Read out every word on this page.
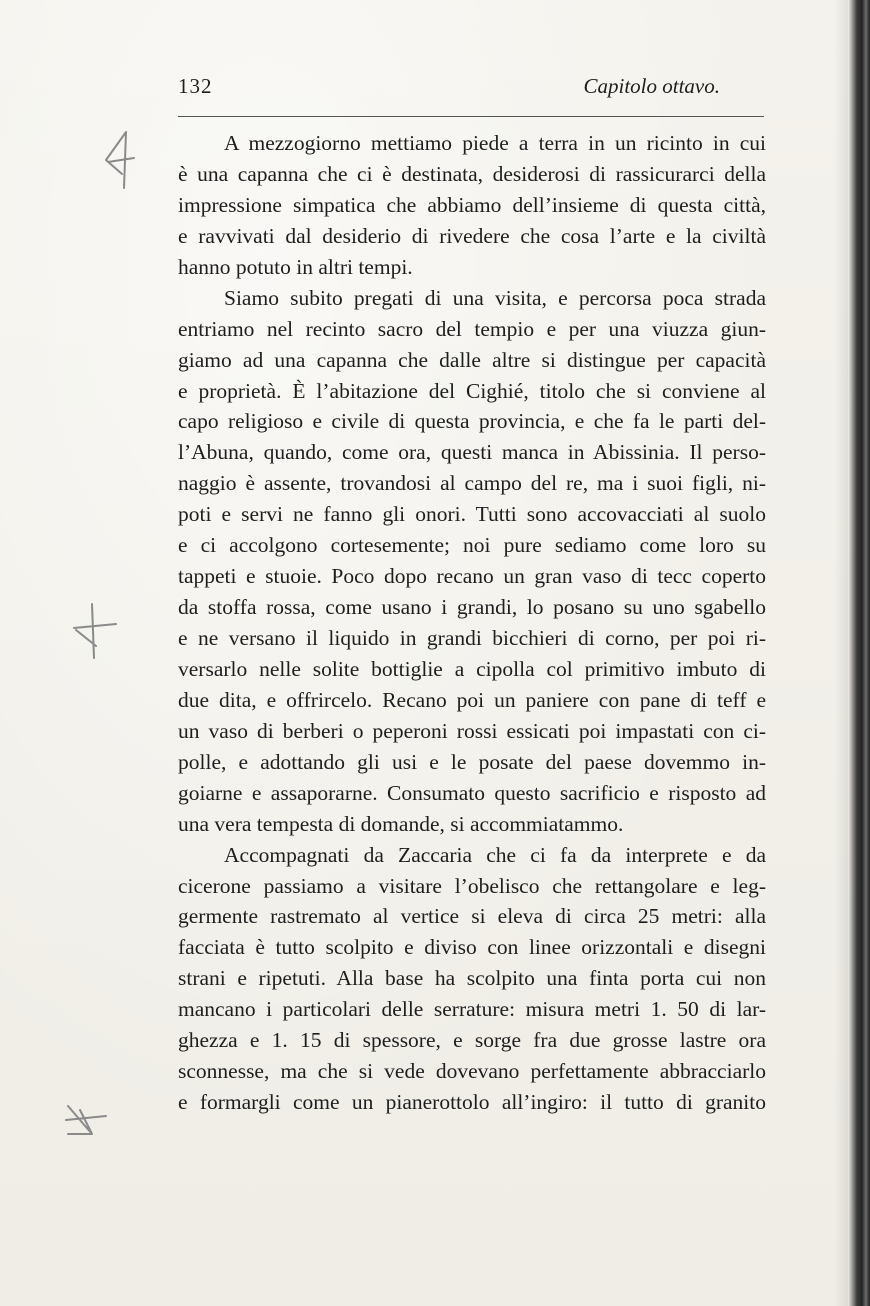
132	Capitolo ottavo.
A mezzogiorno mettiamo piede a terra in un ricinto in cui
è una capanna che ci è destinata, desiderosi di rassicurarci della
impressione simpatica che abbiamo dell’insieme di questa città,
e ravvivati dal desiderio di rivedere che cosa l’arte e la civiltà
hanno potuto in altri tempi.
Siamo subito pregati di una visita, e percorsa poca strada
entriamo nel recinto sacro del tempio e per una viuzza giun-
giamo ad una capanna che dalle altre si distingue per capacità
e proprietà. È l’abitazione del Cighié, titolo che si conviene al
capo religioso e civile di questa provincia, e che fa le parti del-
l’Abuna, quando, come ora, questi manca in Abissinia. Il perso-
naggio è assente, trovandosi al campo del re, ma i suoi figli, ni-
poti e servi ne fanno gli onori. Tutti sono accovacciati al suolo
e ci accolgono cortesemente; noi pure sediamo come loro su
tappeti e stuoie. Poco dopo recano un gran vaso di tecc coperto
da stoffa rossa, come usano i grandi, lo posano su uno sgabello
e ne versano il liquido in grandi bicchieri di corno, per poi ri-
versarlo nelle solite bottiglie a cipolla col primitivo imbuto di
due dita, e offrircelo. Recano poi un paniere con pane di teff e
un vaso di berberi o peperoni rossi essicati poi impastati con ci-
polle, e adottando gli usi e le posate del paese dovemmo in-
goiarne e assaporarne. Consumato questo sacrificio e risposto ad
una vera tempesta di domande, si accommiatammo.
Accompagnati da Zaccaria che ci fa da interprete e da
cicerone passiamo a visitare l’obelisco che rettangolare e leg-
germente rastremato al vertice si eleva di circa 25 metri: alla
facciata è tutto scolpito e diviso con linee orizzontali e disegni
strani e ripetuti. Alla base ha scolpito una finta porta cui non
mancano i particolari delle serrature: misura metri 1. 50 di lar-
ghezza e 1. 15 di spessore, e sorge fra due grosse lastre ora
sconnesse, ma che si vede dovevano perfettamente abbracciarlo
e formargli come un pianerottolo all’ingiro: il tutto di granito
